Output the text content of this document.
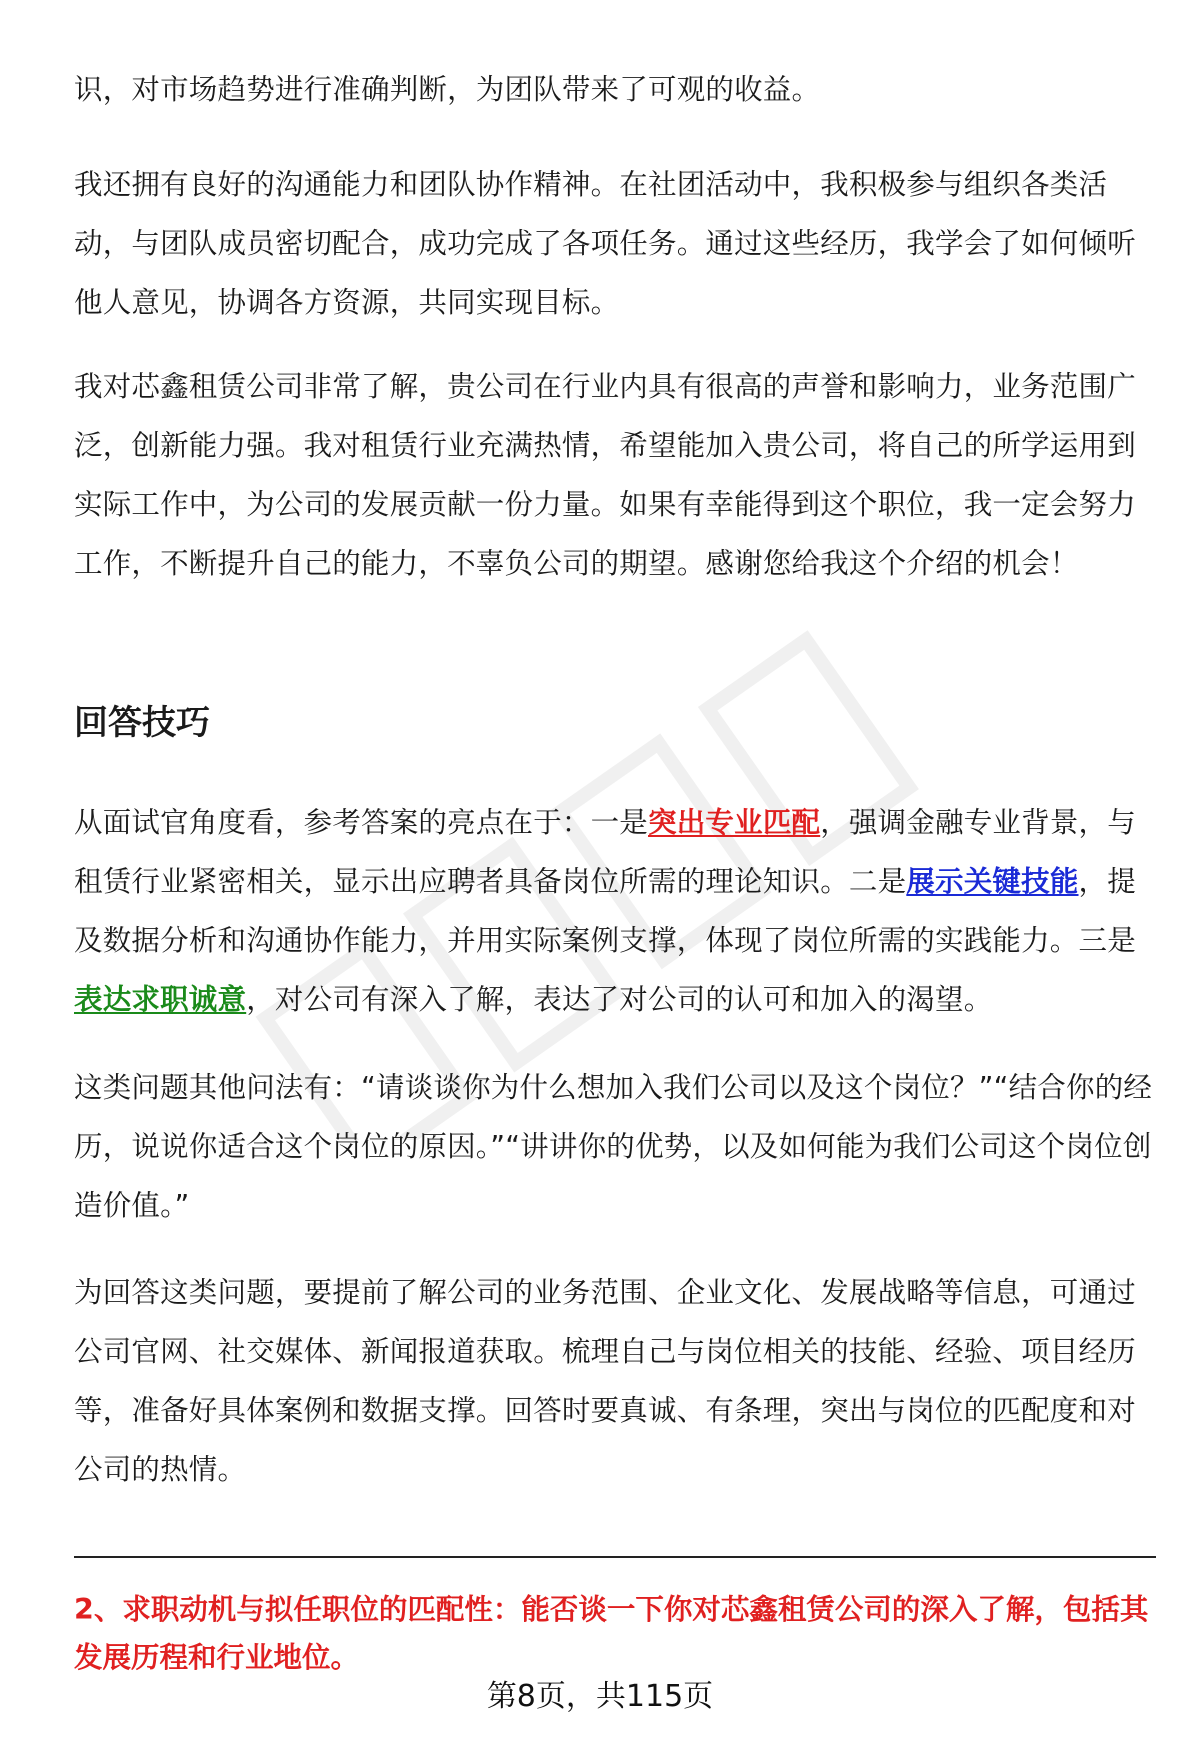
识，对市场趋势进行准确判断，为团队带来了可观的收益。

我还拥有良好的沟通能力和团队协作精神。在社团活动中，我积极参与组织各类活动，与团队成员密切配合，成功完成了各项任务。通过这些经历，我学会了如何倾听他人意见，协调各方资源，共同实现目标。

我对芯鑫租赁公司非常了解，贵公司在行业内具有很高的声誉和影响力，业务范围广泛，创新能力强。我对租赁行业充满热情，希望能加入贵公司，将自己的所学运用到实际工作中，为公司的发展贡献一份力量。如果有幸能得到这个职位，我一定会努力工作，不断提升自己的能力，不辜负公司的期望。感谢您给我这个介绍的机会！

回答技巧

从面试官角度看，参考答案的亮点在于：一是突出专业匹配，强调金融专业背景，与租赁行业紧密相关，显示出应聘者具备岗位所需的理论知识。二是展示关键技能，提及数据分析和沟通协作能力，并用实际案例支撑，体现了岗位所需的实践能力。三是表达求职诚意，对公司有深入了解，表达了对公司的认可和加入的渴望。

这类问题其他问法有：“请谈谈你为什么想加入我们公司以及这个岗位？”“结合你的经历，说说你适合这个岗位的原因。”“讲讲你的优势，以及如何能为我们公司这个岗位创造价值。”

为回答这类问题，要提前了解公司的业务范围、企业文化、发展战略等信息，可通过公司官网、社交媒体、新闻报道获取。梳理自己与岗位相关的技能、经验、项目经历等，准备好具体案例和数据支撑。回答时要真诚、有条理，突出与岗位的匹配度和对公司的热情。

2、求职动机与拟任职位的匹配性：能否谈一下你对芯鑫租赁公司的深入了解，包括其发展历程和行业地位。

第8页，共115页
